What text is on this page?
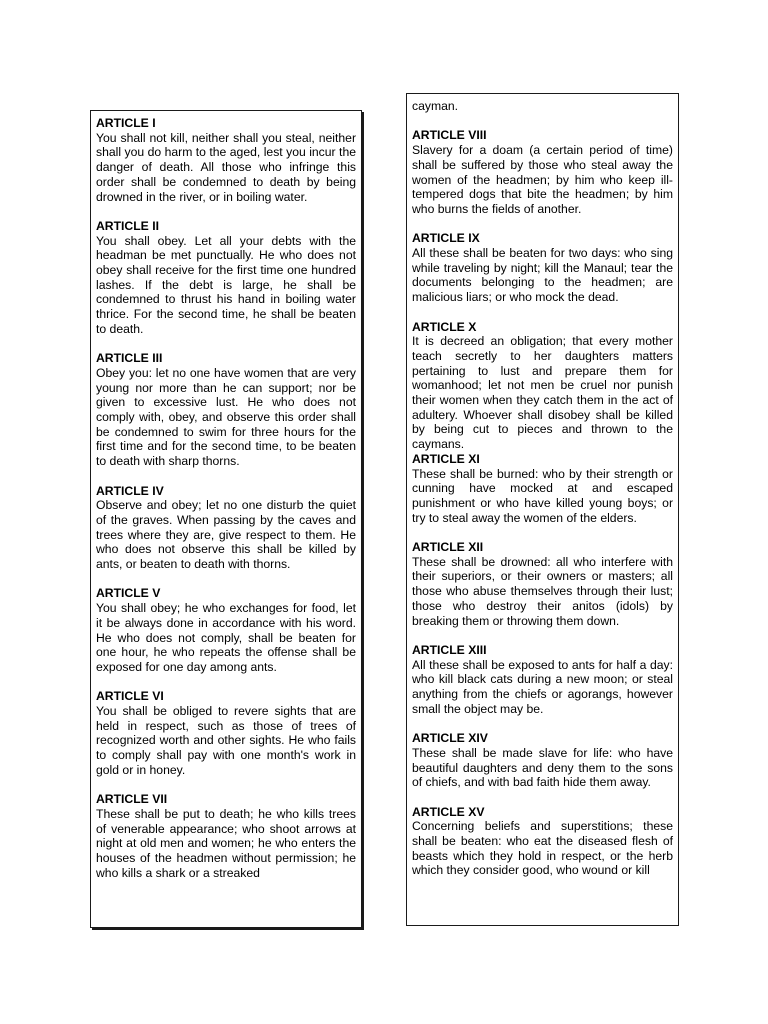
ARTICLE I
You shall not kill, neither shall you steal, neither shall you do harm to the aged, lest you incur the danger of death. All those who infringe this order shall be condemned to death by being drowned in the river, or in boiling water.
ARTICLE II
You shall obey. Let all your debts with the headman be met punctually. He who does not obey shall receive for the first time one hundred lashes. If the debt is large, he shall be condemned to thrust his hand in boiling water thrice. For the second time, he shall be beaten to death.
ARTICLE III
Obey you: let no one have women that are very young nor more than he can support; nor be given to excessive lust. He who does not comply with, obey, and observe this order shall be condemned to swim for three hours for the first time and for the second time, to be beaten to death with sharp thorns.
ARTICLE IV
Observe and obey; let no one disturb the quiet of the graves. When passing by the caves and trees where they are, give respect to them. He who does not observe this shall be killed by ants, or beaten to death with thorns.
ARTICLE V
You shall obey; he who exchanges for food, let it be always done in accordance with his word. He who does not comply, shall be beaten for one hour, he who repeats the offense shall be exposed for one day among ants.
ARTICLE VI
You shall be obliged to revere sights that are held in respect, such as those of trees of recognized worth and other sights. He who fails to comply shall pay with one month's work in gold or in honey.
ARTICLE VII
These shall be put to death; he who kills trees of venerable appearance; who shoot arrows at night at old men and women; he who enters the houses of the headmen without permission; he who kills a shark or a streaked
cayman.
ARTICLE VIII
Slavery for a doam (a certain period of time) shall be suffered by those who steal away the women of the headmen; by him who keep ill-tempered dogs that bite the headmen; by him who burns the fields of another.
ARTICLE IX
All these shall be beaten for two days: who sing while traveling by night; kill the Manaul; tear the documents belonging to the headmen; are malicious liars; or who mock the dead.
ARTICLE X
It is decreed an obligation; that every mother teach secretly to her daughters matters pertaining to lust and prepare them for womanhood; let not men be cruel nor punish their women when they catch them in the act of adultery. Whoever shall disobey shall be killed by being cut to pieces and thrown to the caymans.
ARTICLE XI
These shall be burned: who by their strength or cunning have mocked at and escaped punishment or who have killed young boys; or try to steal away the women of the elders.
ARTICLE XII
These shall be drowned: all who interfere with their superiors, or their owners or masters; all those who abuse themselves through their lust; those who destroy their anitos (idols) by breaking them or throwing them down.
ARTICLE XIII
All these shall be exposed to ants for half a day: who kill black cats during a new moon; or steal anything from the chiefs or agorangs, however small the object may be.
ARTICLE XIV
These shall be made slave for life: who have beautiful daughters and deny them to the sons of chiefs, and with bad faith hide them away.
ARTICLE XV
Concerning beliefs and superstitions; these shall be beaten: who eat the diseased flesh of beasts which they hold in respect, or the herb which they consider good, who wound or kill
